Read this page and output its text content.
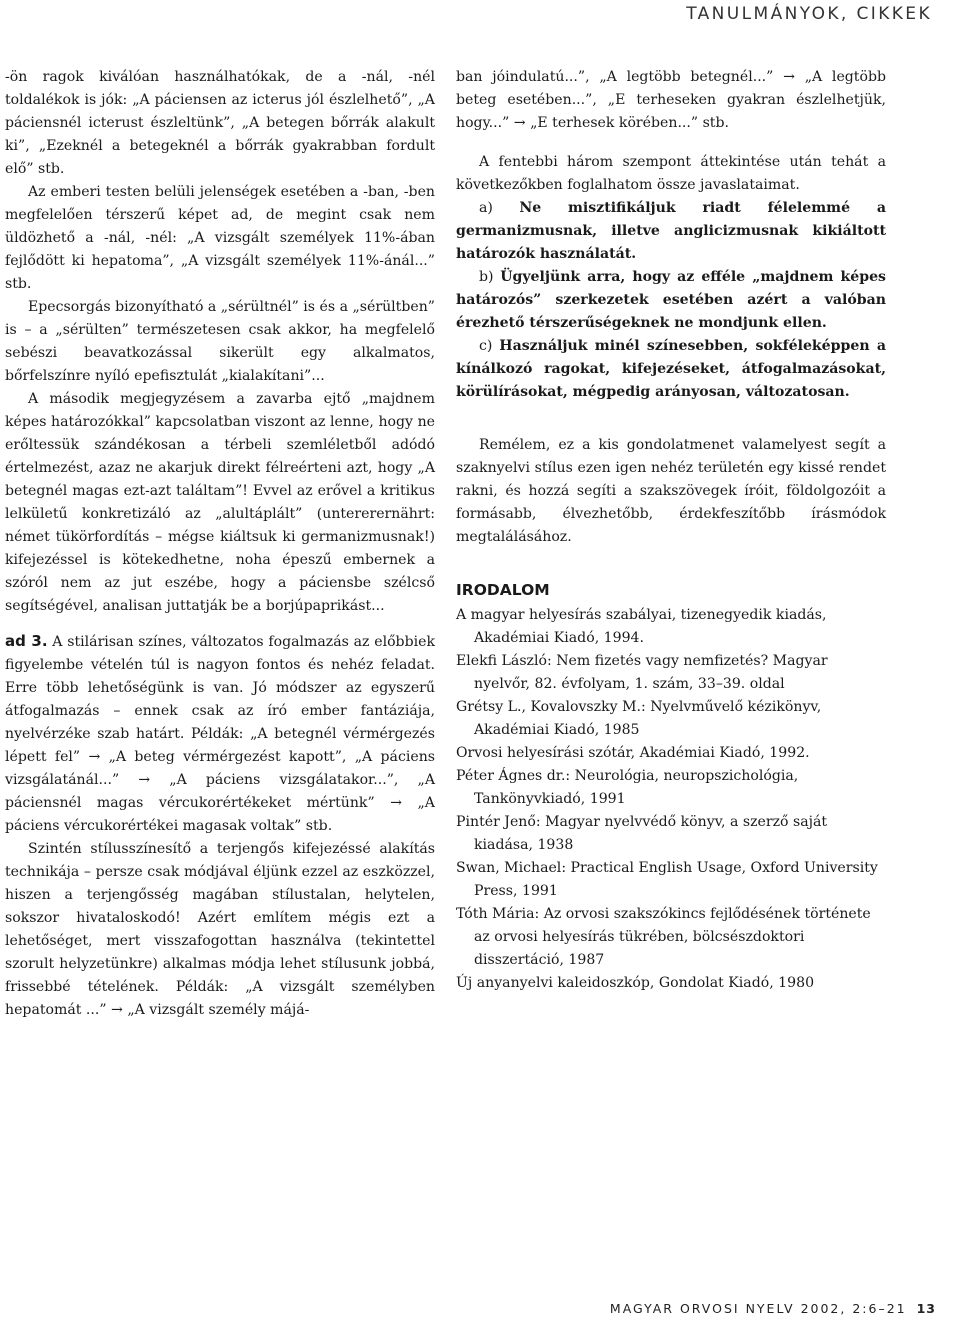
TANULMÁNYOK, CIKKEK

-ön ragok kiválóan használhatókak, de a -nál, -nél toldalékok is jók: „A páciensen az icterus jól észlelhető”, „A páciensnél icterust észleltünk”, „A betegen bőrrák alakult ki”, „Ezeknél a betegeknél a bőrrák gyakrabban fordult elő” stb.

Az emberi testen belüli jelenségek esetében a -ban, -ben megfelelően térszerű képet ad, de megint csak nem üldözhető a -nál, -nél: „A vizsgált személyek 11%-ában fejlődött ki hepatoma”, „A vizsgált személyek 11%-ánál...” stb.

Epecsorgás bizonyítható a „sérültnél” is és a „sérültben” is – a „sérülten” természetesen csak akkor, ha megfelelő sebészi beavatkozással sikerült egy alkalmatos, bőrfelszínre nyíló epefisztulát „kialakítani”...

A második megjegyzésem a zavarba ejtő „majdnem képes határozókkal” kapcsolatban viszont az lenne, hogy ne erőltessük szándékosan a térbeli szemléletből adódó értelmezést, azaz ne akarjuk direkt félreérteni azt, hogy „A betegnél magas ezt-azt találtam”! Evvel az erővel a kritikus lelkületű konkretizáló az „alultáplált” (untererernährt: német tükörfordítás – mégse kiáltsuk ki germanizmusnak!) kifejezéssel is kötekedhetne, noha épeszű embernek a szóról nem az jut eszébe, hogy a páciensbe szélcső segítségével, analisan juttatják be a borjúpaprikást...

ad 3. A stilárisan színes, változatos fogalmazás az előbbiek figyelembe vételén túl is nagyon fontos és nehéz feladat. Erre több lehetőségünk is van. Jó módszer az egyszerű átfogalmazás – ennek csak az író ember fantáziája, nyelvérzéke szab határt. Példák: „A betegnél vérmérgezés lépett fel” → „A beteg vérmérgezést kapott”, „A páciens vizsgálatánál...” → „A páciens vizsgálatakor...”, „A páciensnél magas vércukorértékeket mértünk” → „A páciens vércukorértékei magasak voltak” stb.

Szintén stílusszínesítő a terjengős kifejezéssé alakítás technikája – persze csak módjával éljünk ezzel az eszközzel, hiszen a terjengősség magában stílustalan, helytelen, sokszor hivataloskodó! Azért említem mégis ezt a lehetőséget, mert visszafogottan használva (tekintettel szorult helyzetünkre) alkalmas módja lehet stílusunk jobbá, frissebbé tételének. Példák: „A vizsgált személyben hepatomát ...” → „A vizsgált személy májá-

ban jóindulatú...”, „A legtöbb betegnél...” → „A legtöbb beteg esetében...”, „E terheseken gyakran észlelhetjük, hogy...” → „E terhesek körében...” stb.

A fentebbi három szempont áttekintése után tehát a következőkben foglalhatom össze javaslataimat.

a) Ne misztifikáljuk riadt félelemmé a germanizmusnak, illetve anglicizmusnak kikiáltott határozók használatát.

b) Ügyeljünk arra, hogy az efféle „majdnem képes határozós” szerkezetek esetében azért a valóban érezhető térszerűségeknek ne mondjunk ellen.

c) Használjuk minél színesebben, sokféleképpen a kínálkozó ragokat, kifejezéseket, átfogalmazásokat, körülírásokat, mégpedig arányosan, változatosan.

Remélem, ez a kis gondolatmenet valamelyest segít a szaknyelvi stílus ezen igen nehéz területén egy kissé rendet rakni, és hozzá segíti a szakszövegek íróit, földolgozóit a formásabb, élvezhetőbb, érdekfeszítőbb írásmódok megtalálásához.

IRODALOM
A magyar helyesírás szabályai, tizenegyedik kiadás, Akadémiai Kiadó, 1994.
Elekfi László: Nem fizetés vagy nemfizetés? Magyar nyelvőr, 82. évfolyam, 1. szám, 33–39. oldal
Grétsy L., Kovalovszky M.: Nyelvművelő kézikönyv, Akadémiai Kiadó, 1985
Orvosi helyesírási szótár, Akadémiai Kiadó, 1992.
Péter Ágnes dr.: Neurológia, neuropszichológia, Tankönyvkiadó, 1991
Pintér Jenő: Magyar nyelvvédő könyv, a szerző saját kiadása, 1938
Swan, Michael: Practical English Usage, Oxford University Press, 1991
Tóth Mária: Az orvosi szakszókincs fejlődésének története az orvosi helyesírás tükrében, bölcsészdoktori disszertáció, 1987
Új anyanyelvi kaleidoszkóp, Gondolat Kiadó, 1980
MAGYAR ORVOSI NYELV 2002, 2:6–21 13
